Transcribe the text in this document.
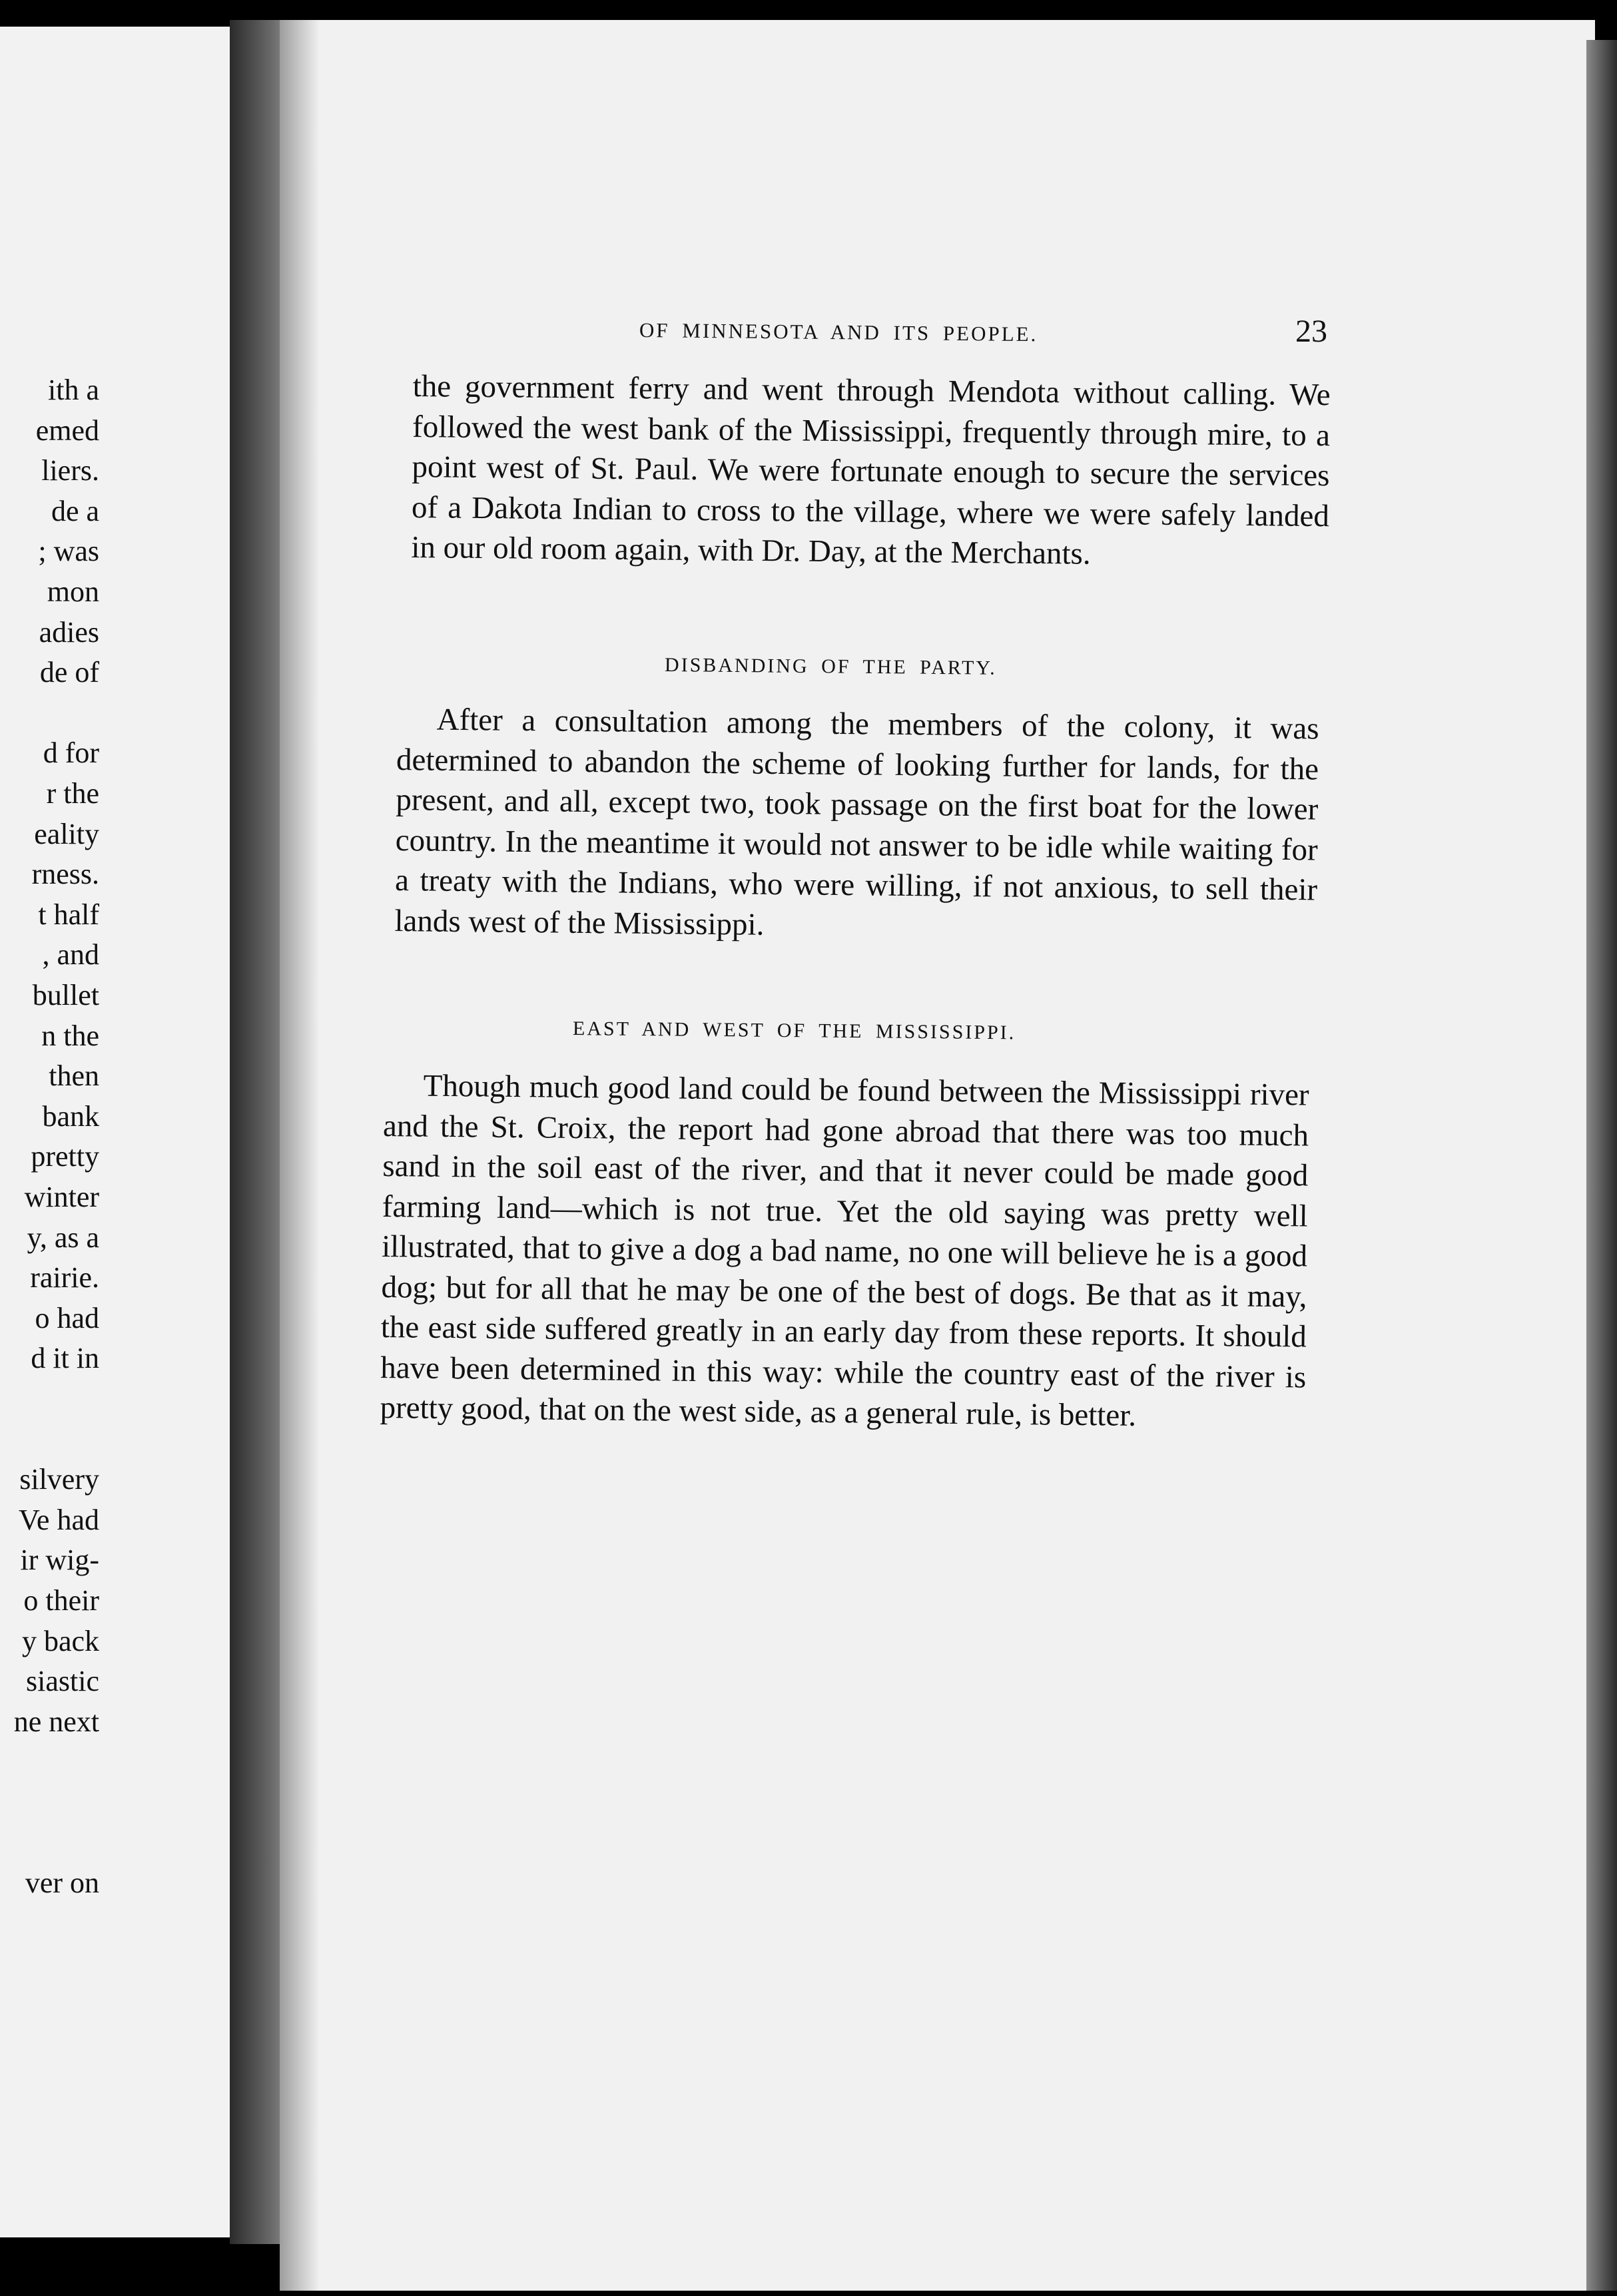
ith a
emed
liers.
de a
; was
mon
adies
de of
d for
r the
eality
rness.
t half
, and
bullet
n the
then
bank
pretty
winter
y, as a
rairie.
o had
d it in
silvery
Ve had
ir wig-
o their
y back
siastic
ne next
ver on
OF MINNESOTA AND ITS PEOPLE.	23

the government ferry and went through Mendota without calling. We followed the west bank of the Mississippi, frequently through mire, to a point west of St. Paul. We were fortunate enough to secure the services of a Dakota Indian to cross to the village, where we were safely landed in our old room again, with Dr. Day, at the Merchants.

DISBANDING OF THE PARTY.

After a consultation among the members of the colony, it was determined to abandon the scheme of looking further for lands, for the present, and all, except two, took passage on the first boat for the lower country. In the meantime it would not answer to be idle while waiting for a treaty with the Indians, who were willing, if not anxious, to sell their lands west of the Mississippi.

EAST AND WEST OF THE MISSISSIPPI.

Though much good land could be found between the Mississippi river and the St. Croix, the report had gone abroad that there was too much sand in the soil east of the river, and that it never could be made good farming land—which is not true. Yet the old saying was pretty well illustrated, that to give a dog a bad name, no one will believe he is a good dog; but for all that he may be one of the best of dogs. Be that as it may, the east side suffered greatly in an early day from these reports. It should have been determined in this way: while the country east of the river is pretty good, that on the west side, as a general rule, is better.
